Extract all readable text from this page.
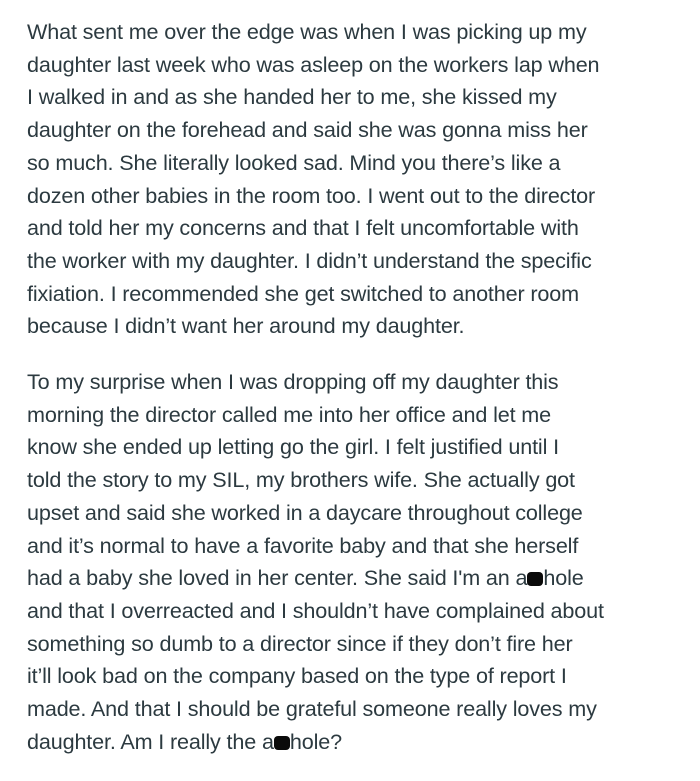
What sent me over the edge was when I was picking up my
daughter last week who was asleep on the workers lap when
I walked in and as she handed her to me, she kissed my
daughter on the forehead and said she was gonna miss her
so much. She literally looked sad. Mind you there’s like a
dozen other babies in the room too. I went out to the director
and told her my concerns and that I felt uncomfortable with
the worker with my daughter. I didn’t understand the specific
fixiation. I recommended she get switched to another room
because I didn’t want her around my daughter.

To my surprise when I was dropping off my daughter this
morning the director called me into her office and let me
know she ended up letting go the girl. I felt justified until I
told the story to my SIL, my brothers wife. She actually got
upset and said she worked in a daycare throughout college
and it’s normal to have a favorite baby and that she herself
had a baby she loved in her center. She said I'm an a hole
and that I overreacted and I shouldn’t have complained about
something so dumb to a director since if they don’t fire her
it’ll look bad on the company based on the type of report I
made. And that I should be grateful someone really loves my
daughter. Am I really the a hole?
